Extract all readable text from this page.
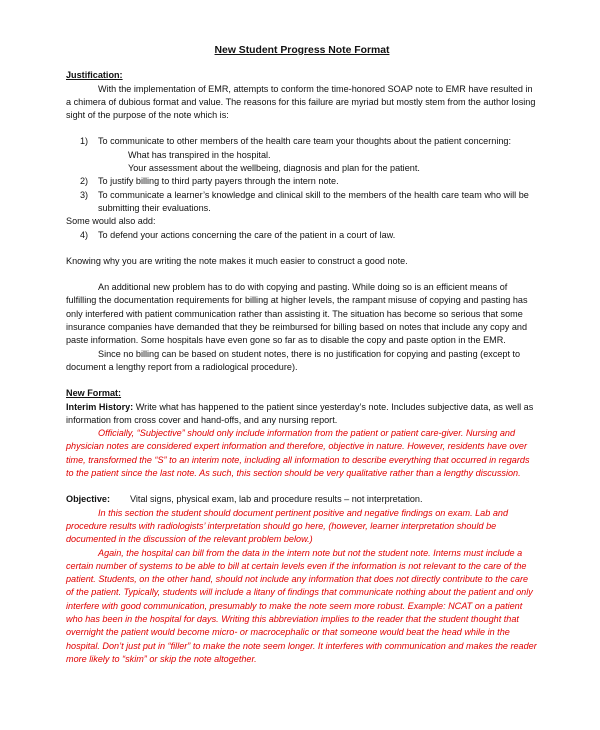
New Student Progress Note Format
Justification:

With the implementation of EMR, attempts to conform the time-honored SOAP note to EMR have resulted in a chimera of dubious format and value. The reasons for this failure are myriad but mostly stem from the author losing sight of the purpose of the note which is:

1)	To communicate to other members of the health care team your thoughts about the patient concerning:
What has transpired in the hospital.
Your assessment about the wellbeing, diagnosis and plan for the patient.
2)	To justify billing to third party payers through the intern note.
3)	To communicate a learner’s knowledge and clinical skill to the members of the health care team who will be submitting their evaluations.
Some would also add:
4)	To defend your actions concerning the care of the patient in a court of law.

Knowing why you are writing the note makes it much easier to construct a good note.

An additional new problem has to do with copying and pasting. While doing so is an efficient means of fulfilling the documentation requirements for billing at higher levels, the rampant misuse of copying and pasting has only interfered with patient communication rather than assisting it. The situation has become so serious that some insurance companies have demanded that they be reimbursed for billing based on notes that include any copy and paste information. Some hospitals have even gone so far as to disable the copy and paste option in the EMR.

Since no billing can be based on student notes, there is no justification for copying and pasting (except to document a lengthy report from a radiological procedure).

New Format:

Interim History: Write what has happened to the patient since yesterday’s note. Includes subjective data, as well as information from cross cover and hand-offs, and any nursing report.

Officially, “Subjective” should only include information from the patient or patient care-giver. Nursing and physician notes are considered expert information and therefore, objective in nature. However, residents have over time, transformed the “S” to an interim note, including all information to describe everything that occurred in regards to the patient since the last note. As such, this section should be very qualitative rather than a lengthy discussion.

Objective:	Vital signs, physical exam, lab and procedure results – not interpretation.

In this section the student should document pertinent positive and negative findings on exam. Lab and procedure results with radiologists’ interpretation should go here, (however, learner interpretation should be documented in the discussion of the relevant problem below.)

Again, the hospital can bill from the data in the intern note but not the student note. Interns must include a certain number of systems to be able to bill at certain levels even if the information is not relevant to the care of the patient. Students, on the other hand, should not include any information that does not directly contribute to the care of the patient. Typically, students will include a litany of findings that communicate nothing about the patient and only interfere with good communication, presumably to make the note seem more robust. Example: NCAT on a patient who has been in the hospital for days. Writing this abbreviation implies to the reader that the student thought that overnight the patient would become micro- or macrocephalic or that someone would beat the head while in the hospital. Don’t just put in “filler” to make the note seem longer. It interferes with communication and makes the reader more likely to “skim” or skip the note altogether.
